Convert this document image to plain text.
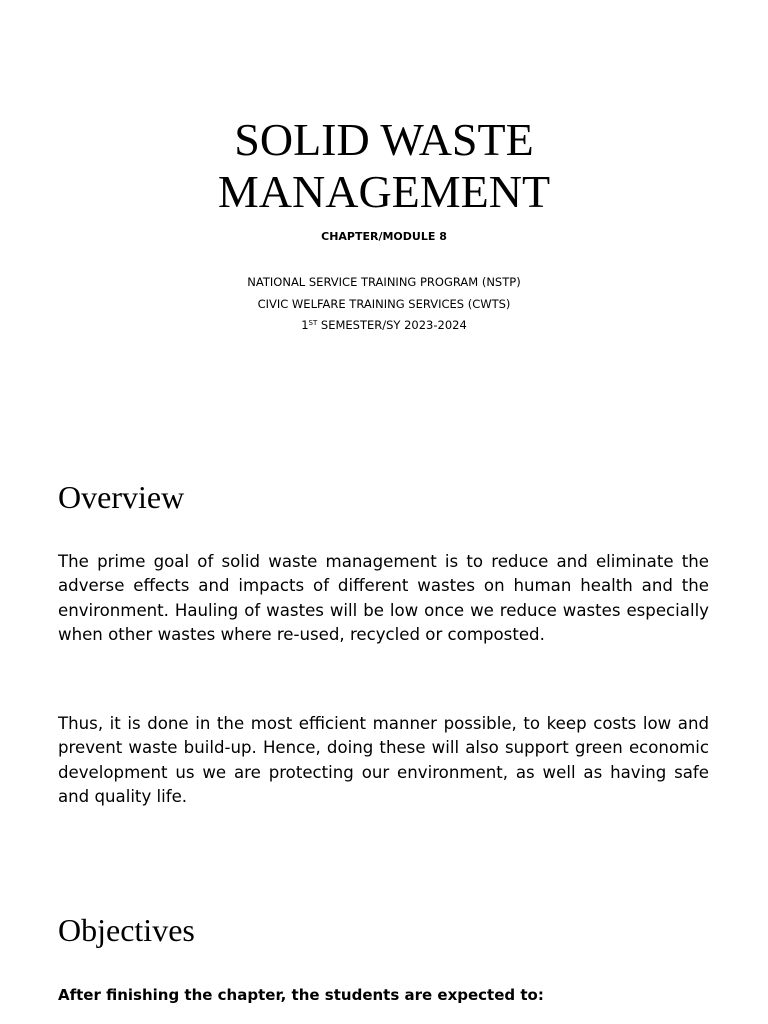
SOLID WASTE
MANAGEMENT
CHAPTER/MODULE 8
NATIONAL SERVICE TRAINING PROGRAM (NSTP)
CIVIC WELFARE TRAINING SERVICES (CWTS)
1ST SEMESTER/SY 2023-2024
Overview

The prime goal of solid waste management is to reduce and eliminate the adverse effects and impacts of different wastes on human health and the environment. Hauling of wastes will be low once we reduce wastes especially when other wastes where re-used, recycled or composted.

Thus, it is done in the most efficient manner possible, to keep costs low and prevent waste build-up. Hence, doing these will also support green economic development us we are protecting our environment, as well as having safe and quality life.

Objectives

After finishing the chapter, the students are expected to:
